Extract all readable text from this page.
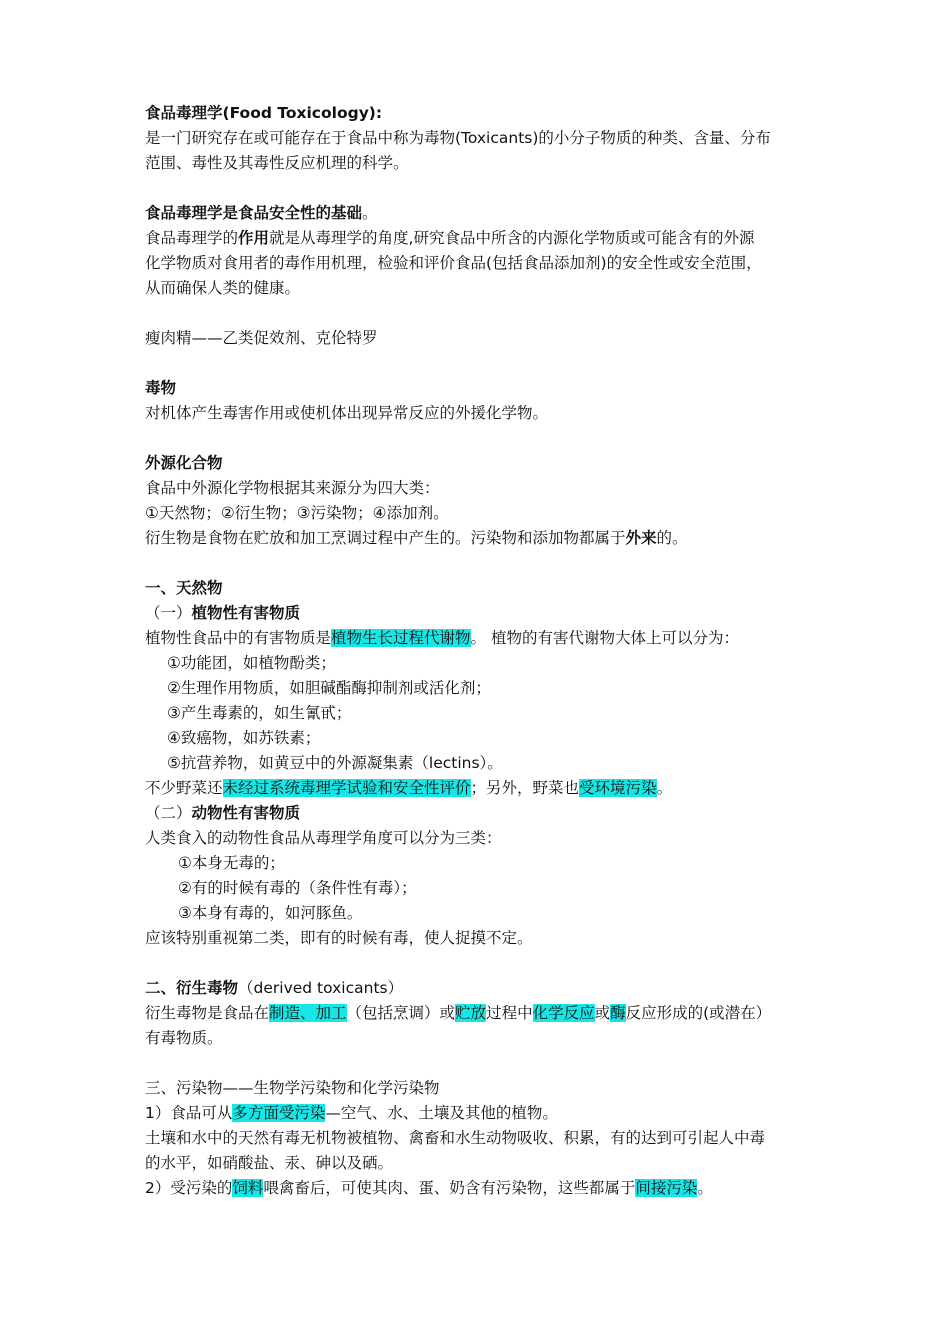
食品毒理学(Food Toxicology):
是一门研究存在或可能存在于食品中称为毒物(Toxicants)的小分子物质的种类、含量、分布
范围、毒性及其毒性反应机理的科学。
食品毒理学是食品安全性的基础。
食品毒理学的作用就是从毒理学的角度,研究食品中所含的内源化学物质或可能含有的外源
化学物质对食用者的毒作用机理，检验和评价食品(包括食品添加剂)的安全性或安全范围，
从而确保人类的健康。
瘦肉精——乙类促效剂、克伦特罗
毒物
对机体产生毒害作用或使机体出现异常反应的外援化学物。
外源化合物
食品中外源化学物根据其来源分为四大类：
①天然物；②衍生物；③污染物；④添加剂。
衍生物是食物在贮放和加工烹调过程中产生的。污染物和添加物都属于外来的。
一、天然物
（一）植物性有害物质
植物性食品中的有害物质是植物生长过程代谢物。 植物的有害代谢物大体上可以分为：
①功能团，如植物酚类；
②生理作用物质，如胆碱酯酶抑制剂或活化剂；
③产生毒素的，如生氰甙；
④致癌物，如苏铁素；
⑤抗营养物，如黄豆中的外源凝集素（lectins）。
不少野菜还未经过系统毒理学试验和安全性评价；另外，野菜也受环境污染。
（二）动物性有害物质
人类食入的动物性食品从毒理学角度可以分为三类：
①本身无毒的；
②有的时候有毒的（条件性有毒）；
③本身有毒的，如河豚鱼。
应该特别重视第二类，即有的时候有毒，使人捉摸不定。
二、衍生毒物（derived toxicants）
衍生毒物是食品在制造、加工（包括烹调）或贮放过程中化学反应或酶反应形成的(或潜在）
有毒物质。
三、污染物——生物学污染物和化学污染物
1）食品可从多方面受污染—空气、水、土壤及其他的植物。
土壤和水中的天然有毒无机物被植物、禽畜和水生动物吸收、积累，有的达到可引起人中毒
的水平，如硝酸盐、汞、砷以及硒。
2）受污染的饲料喂禽畜后，可使其肉、蛋、奶含有污染物，这些都属于间接污染。
